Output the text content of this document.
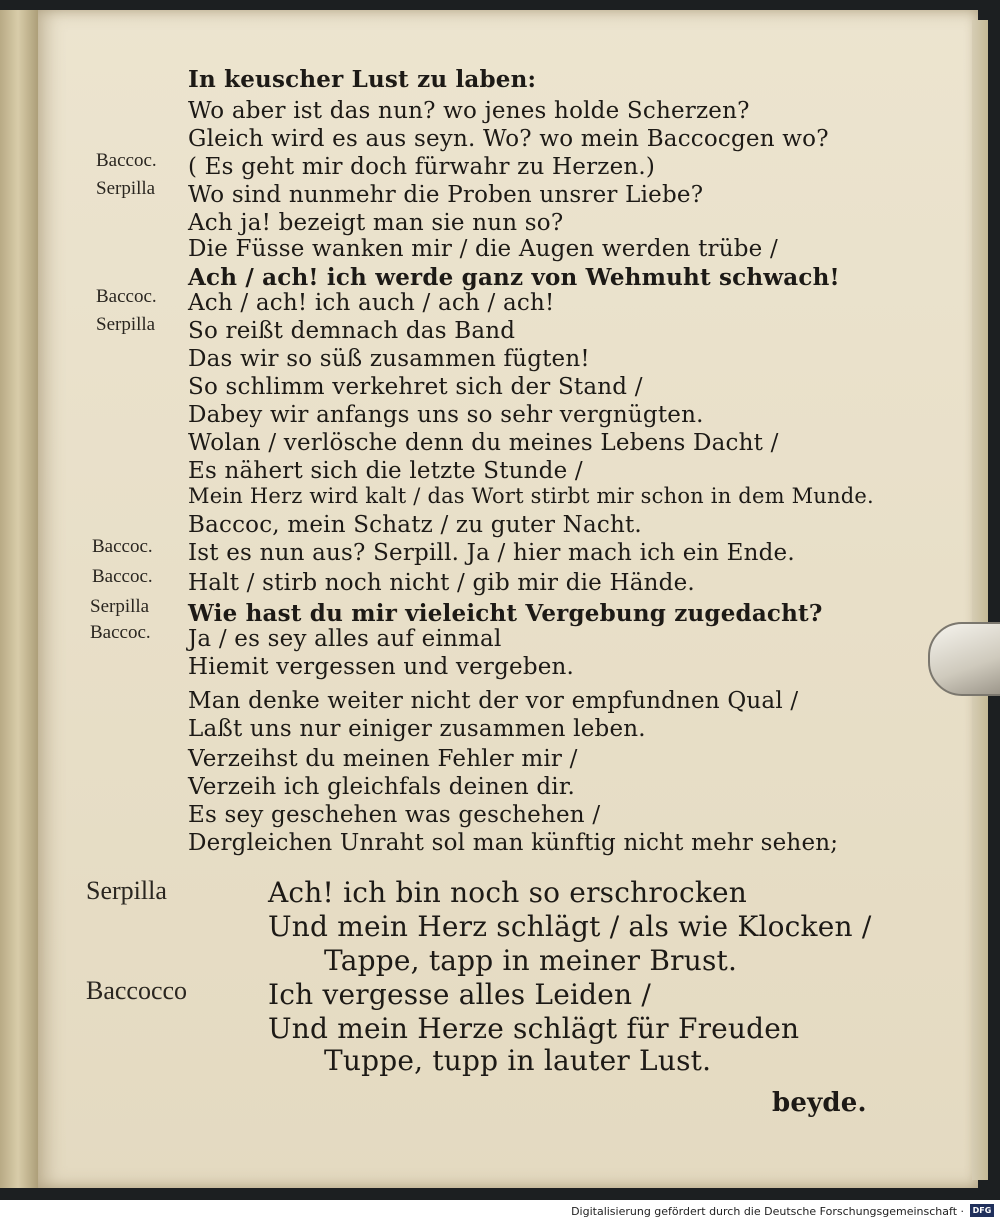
Baccoc.
Serpilla
Baccoc.
Serpilla
Baccoc.
Baccoc.
Serpilla
Baccoc.
In keuscher Lust zu laben:
Wo aber ist das nun? wo jenes holde Scherzen?
Gleich wird es aus seyn. Wo? wo mein Baccocgen wo?
( Es geht mir doch fürwahr zu Herzen.)
Wo sind nunmehr die Proben unsrer Liebe?
Ach ja! bezeigt man sie nun so?
Die Füsse wanken mir / die Augen werden trübe /
Ach / ach! ich werde ganz von Wehmuht schwach!
Ach / ach! ich auch / ach / ach!
So reißt demnach das Band
Das wir so süß zusammen fügten!
So schlimm verkehret sich der Stand /
Dabey wir anfangs uns so sehr vergnügten.
Wolan / verlösche denn du meines Lebens Dacht /
Es nähert sich die letzte Stunde /
Mein Herz wird kalt / das Wort stirbt mir schon in dem Munde.
Baccoc, mein Schatz / zu guter Nacht.
Ist es nun aus? Serpill. Ja / hier mach ich ein Ende.
Halt / stirb noch nicht / gib mir die Hände.
Wie hast du mir vieleicht Vergebung zugedacht?
Ja / es sey alles auf einmal
Hiemit vergessen und vergeben.
Man denke weiter nicht der vor empfundnen Qual /
Laßt uns nur einiger zusammen leben.
Verzeihst du meinen Fehler mir /
Verzeih ich gleichfals deinen dir.
Es sey geschehen was geschehen /
Dergleichen Unraht sol man künftig nicht mehr sehen;
Serpilla	Ach! ich bin noch so erschrocken
Und mein Herz schlägt / als wie Klocken /
Tappe, tapp in meiner Brust.
Baccocco	Ich vergesse alles Leiden /
Und mein Herze schlägt für Freuden
Tuppe, tupp in lauter Lust.
beyde.
Digitalisierung gefördert durch die Deutsche Forschungsgemeinschaft ·	DFG
